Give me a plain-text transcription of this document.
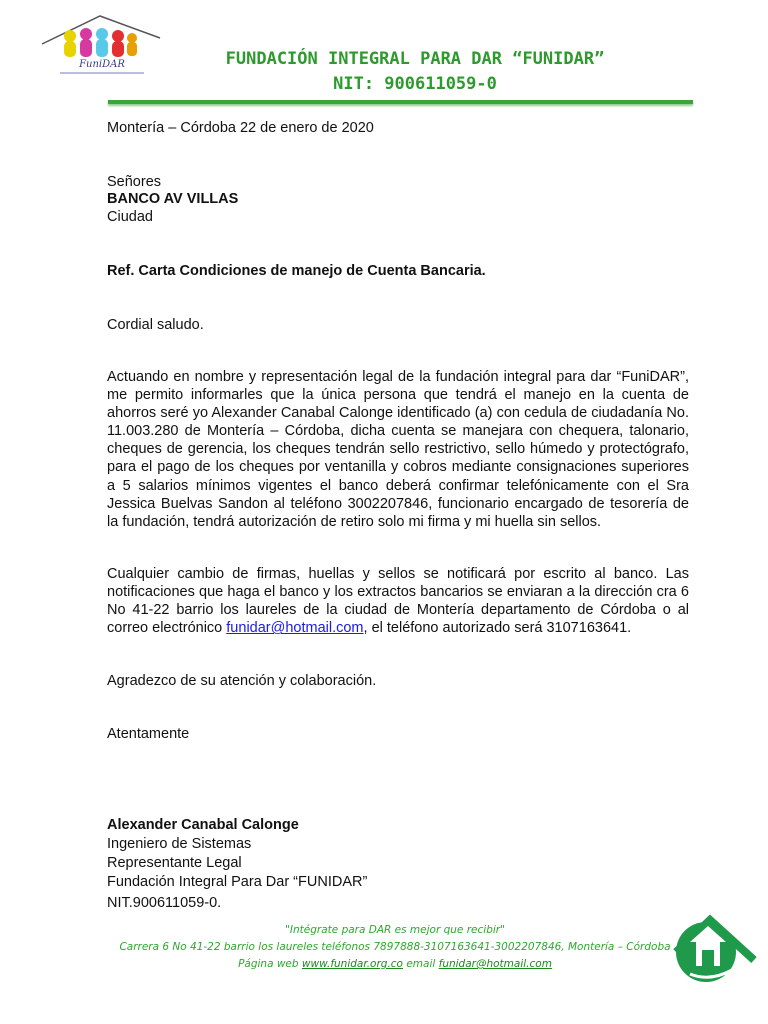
FuniDAR	FUNDACIÓN INTEGRAL PARA DAR “FUNIDAR”
NIT: 900611059-0
Montería – Córdoba 22 de enero de 2020
Señores
BANCO AV VILLAS
Ciudad
Ref. Carta Condiciones de manejo de Cuenta Bancaria.
Cordial saludo.
Actuando en nombre y representación legal de la fundación integral para dar “FuniDAR”, me permito informarles que la única persona que tendrá el manejo en la cuenta de ahorros seré yo Alexander Canabal Calonge identificado (a) con cedula de ciudadanía No. 11.003.280 de Montería – Córdoba, dicha cuenta se manejara con chequera, talonario, cheques de gerencia, los cheques tendrán sello restrictivo, sello húmedo y protectógrafo, para el pago de los cheques por ventanilla y cobros mediante consignaciones superiores a 5 salarios mínimos vigentes el banco deberá confirmar telefónicamente con el Sra Jessica Buelvas Sandon al teléfono 3002207846, funcionario encargado de tesorería de la fundación, tendrá autorización de retiro solo mi firma y mi huella sin sellos.
Cualquier cambio de firmas, huellas y sellos se notificará por escrito al banco. Las notificaciones que haga el banco y los extractos bancarios se enviaran a la dirección cra 6 No 41-22 barrio los laureles de la ciudad de Montería departamento de Córdoba o al correo electrónico funidar@hotmail.com, el teléfono autorizado será 3107163641.
Agradezco de su atención y colaboración.
Atentamente
Alexander Canabal Calonge
Ingeniero de Sistemas
Representante Legal
Fundación Integral Para Dar “FUNIDAR”
NIT.900611059-0.
"Intégrate para DAR es mejor que recibir"
Carrera 6 No 41-22 barrio los laureles teléfonos 7897888-3107163641-3002207846, Montería – Córdoba
Página web www.funidar.org.co email funidar@hotmail.com
